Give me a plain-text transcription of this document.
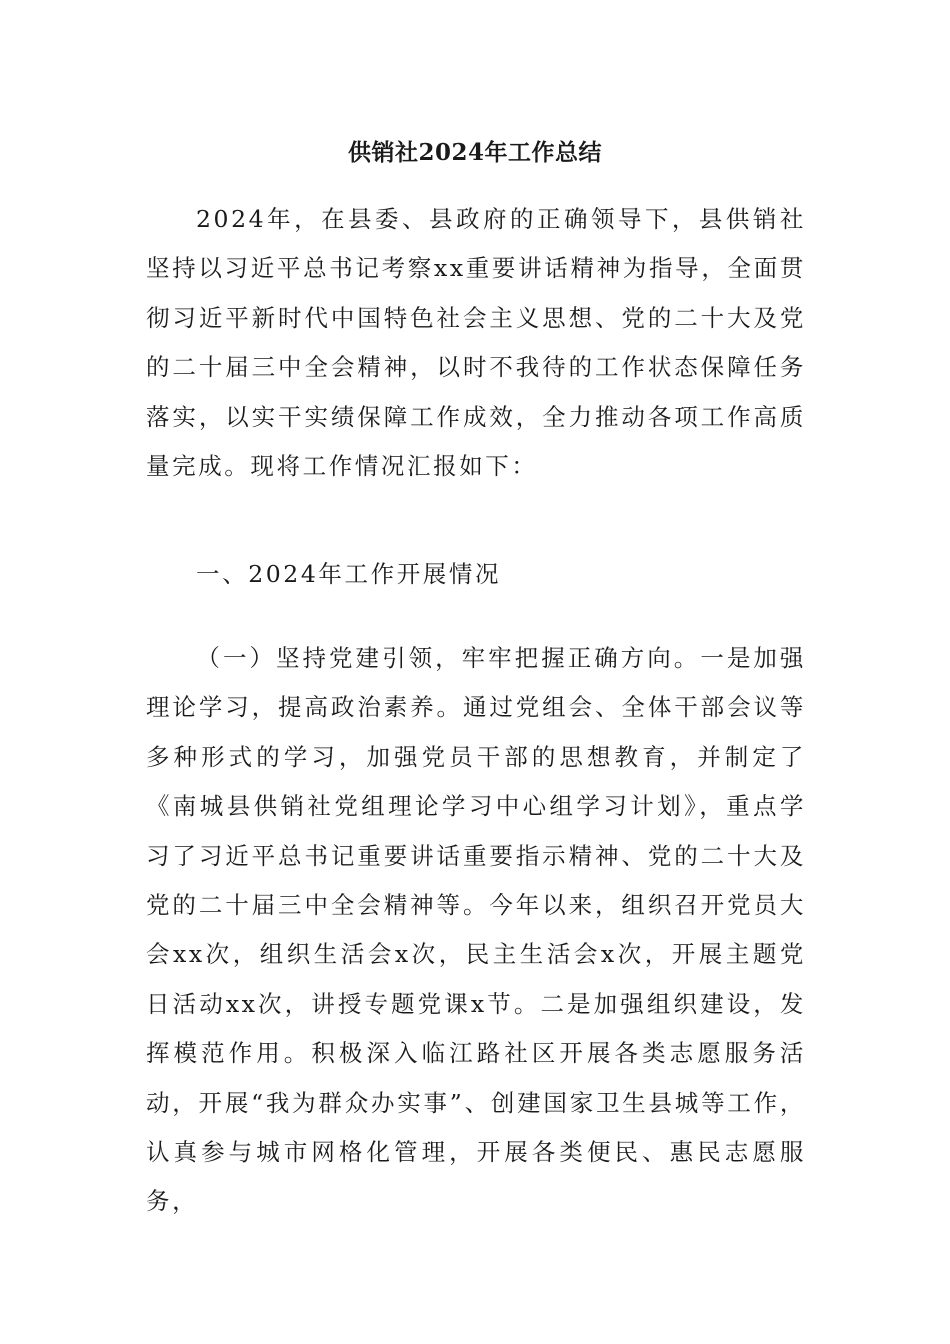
供销社2024年工作总结

2024年，在县委、县政府的正确领导下，县供销社坚持以习近平总书记考察xx重要讲话精神为指导，全面贯彻习近平新时代中国特色社会主义思想、党的二十大及党的二十届三中全会精神，以时不我待的工作状态保障任务落实，以实干实绩保障工作成效，全力推动各项工作高质量完成。现将工作情况汇报如下：

一、2024年工作开展情况

（一）坚持党建引领，牢牢把握正确方向。一是加强理论学习，提高政治素养。通过党组会、全体干部会议等多种形式的学习，加强党员干部的思想教育，并制定了《南城县供销社党组理论学习中心组学习计划》，重点学习了习近平总书记重要讲话重要指示精神、党的二十大及党的二十届三中全会精神等。今年以来，组织召开党员大会xx次，组织生活会x次，民主生活会x次，开展主题党日活动xx次，讲授专题党课x节。二是加强组织建设，发挥模范作用。积极深入临江路社区开展各类志愿服务活动，开展“我为群众办实事”、创建国家卫生县城等工作，认真参与城市网格化管理，开展各类便民、惠民志愿服务，
